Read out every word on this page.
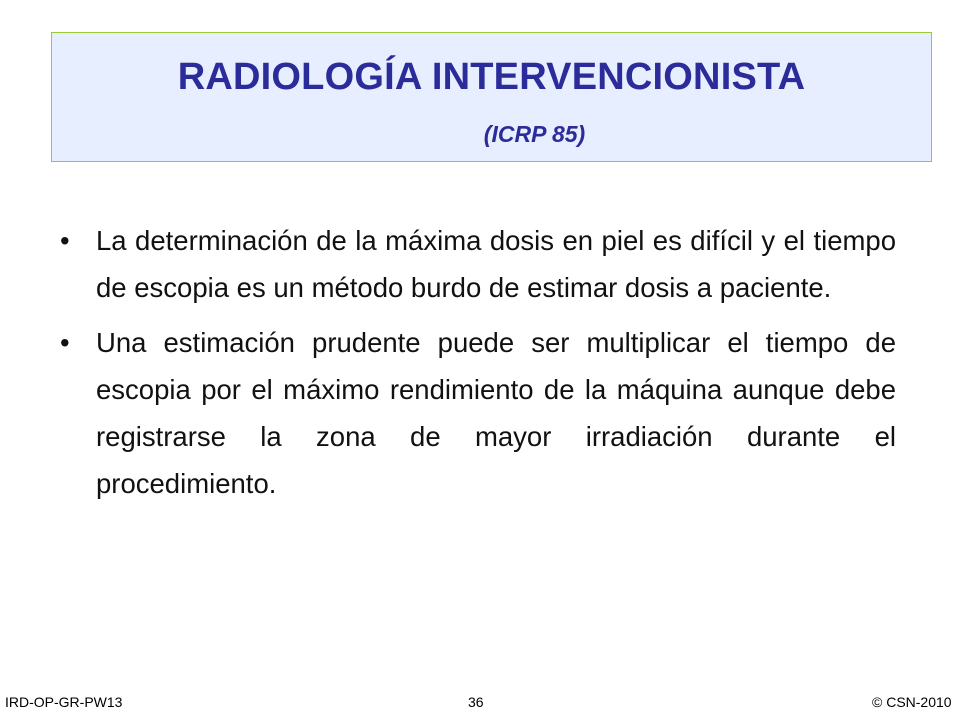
RADIOLOGÍA INTERVENCIONISTA
(ICRP 85)
• La determinación de la máxima dosis en piel es difícil y el tiempo de escopia es un método burdo de estimar dosis a paciente.
• Una estimación prudente puede ser multiplicar el tiempo de escopia por el máximo rendimiento de la máquina aunque debe registrarse la zona de mayor irradiación durante el procedimiento.
IRD-OP-GR-PW13	36	© CSN-2010
